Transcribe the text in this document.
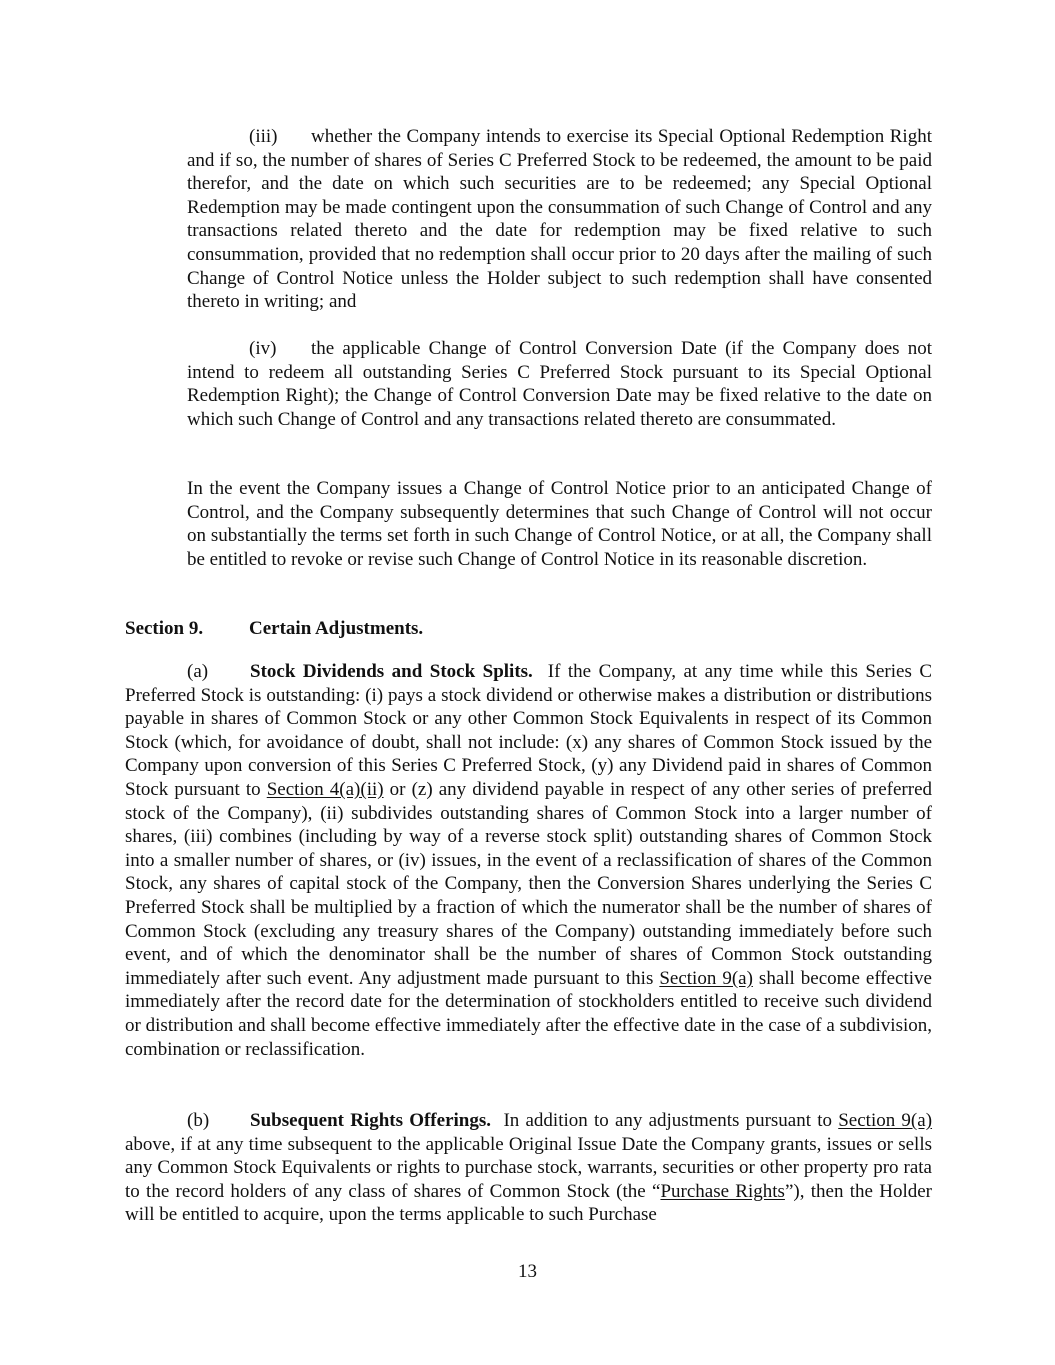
(iii) whether the Company intends to exercise its Special Optional Redemption Right and if so, the number of shares of Series C Preferred Stock to be redeemed, the amount to be paid therefor, and the date on which such securities are to be redeemed; any Special Optional Redemption may be made contingent upon the consummation of such Change of Control and any transactions related thereto and the date for redemption may be fixed relative to such consummation, provided that no redemption shall occur prior to 20 days after the mailing of such Change of Control Notice unless the Holder subject to such redemption shall have consented thereto in writing; and

(iv) the applicable Change of Control Conversion Date (if the Company does not intend to redeem all outstanding Series C Preferred Stock pursuant to its Special Optional Redemption Right); the Change of Control Conversion Date may be fixed relative to the date on which such Change of Control and any transactions related thereto are consummated.

In the event the Company issues a Change of Control Notice prior to an anticipated Change of Control, and the Company subsequently determines that such Change of Control will not occur on substantially the terms set forth in such Change of Control Notice, or at all, the Company shall be entitled to revoke or revise such Change of Control Notice in its reasonable discretion.

Section 9. Certain Adjustments.

(a) Stock Dividends and Stock Splits. If the Company, at any time while this Series C Preferred Stock is outstanding: (i) pays a stock dividend or otherwise makes a distribution or distributions payable in shares of Common Stock or any other Common Stock Equivalents in respect of its Common Stock (which, for avoidance of doubt, shall not include: (x) any shares of Common Stock issued by the Company upon conversion of this Series C Preferred Stock, (y) any Dividend paid in shares of Common Stock pursuant to Section 4(a)(ii) or (z) any dividend payable in respect of any other series of preferred stock of the Company), (ii) subdivides outstanding shares of Common Stock into a larger number of shares, (iii) combines (including by way of a reverse stock split) outstanding shares of Common Stock into a smaller number of shares, or (iv) issues, in the event of a reclassification of shares of the Common Stock, any shares of capital stock of the Company, then the Conversion Shares underlying the Series C Preferred Stock shall be multiplied by a fraction of which the numerator shall be the number of shares of Common Stock (excluding any treasury shares of the Company) outstanding immediately before such event, and of which the denominator shall be the number of shares of Common Stock outstanding immediately after such event. Any adjustment made pursuant to this Section 9(a) shall become effective immediately after the record date for the determination of stockholders entitled to receive such dividend or distribution and shall become effective immediately after the effective date in the case of a subdivision, combination or reclassification.

(b) Subsequent Rights Offerings. In addition to any adjustments pursuant to Section 9(a) above, if at any time subsequent to the applicable Original Issue Date the Company grants, issues or sells any Common Stock Equivalents or rights to purchase stock, warrants, securities or other property pro rata to the record holders of any class of shares of Common Stock (the “Purchase Rights”), then the Holder will be entitled to acquire, upon the terms applicable to such Purchase

13
